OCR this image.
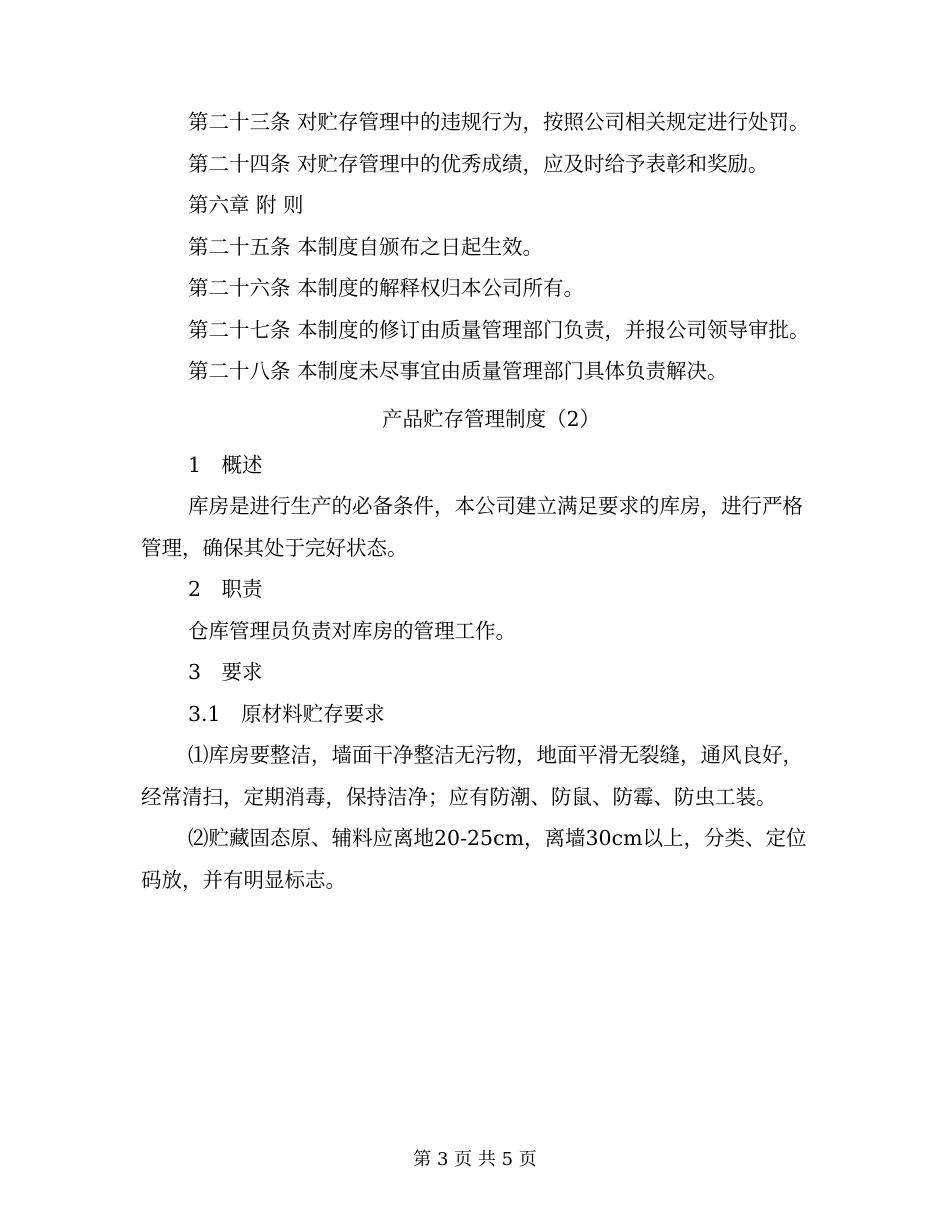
第二十三条 对贮存管理中的违规行为，按照公司相关规定进行处罚。

第二十四条 对贮存管理中的优秀成绩，应及时给予表彰和奖励。

第六章 附 则

第二十五条 本制度自颁布之日起生效。

第二十六条 本制度的解释权归本公司所有。

第二十七条 本制度的修订由质量管理部门负责，并报公司领导审批。

第二十八条 本制度未尽事宜由质量管理部门具体负责解决。

产品贮存管理制度（2）

1　概述

库房是进行生产的必备条件，本公司建立满足要求的库房，进行严格管理，确保其处于完好状态。

2　职责

仓库管理员负责对库房的管理工作。

3　要求

3.1　原材料贮存要求

⑴库房要整洁，墙面干净整洁无污物，地面平滑无裂缝，通风良好，经常清扫，定期消毒，保持洁净；应有防潮、防鼠、防霉、防虫工装。

⑵贮藏固态原、辅料应离地20-25cm，离墙30cm以上，分类、定位码放，并有明显标志。

第 3 页 共 5 页
